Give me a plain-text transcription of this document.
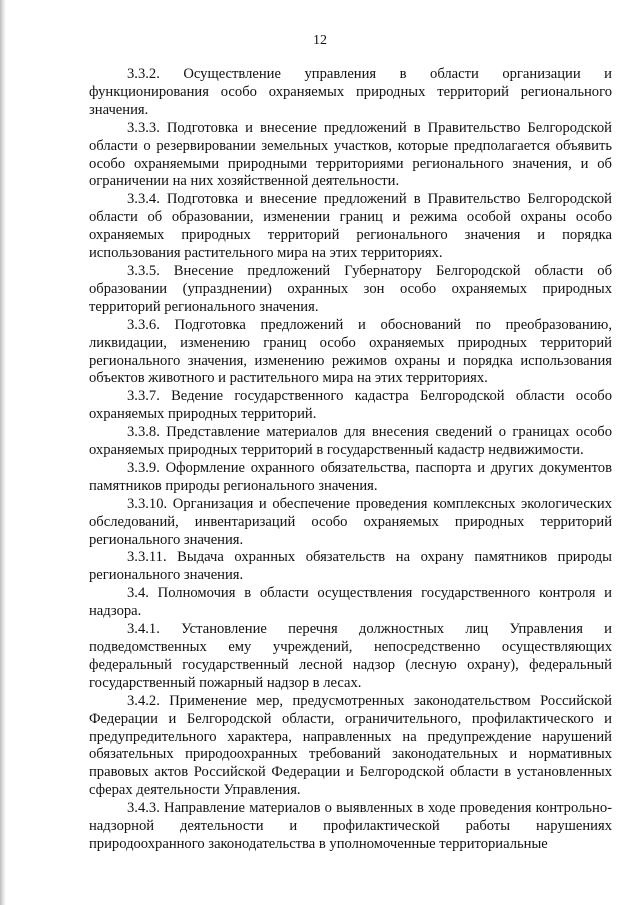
12

3.3.2. Осуществление управления в области организации и функционирования особо охраняемых природных территорий регионального значения.

3.3.3. Подготовка и внесение предложений в Правительство Белгородской области о резервировании земельных участков, которые предполагается объявить особо охраняемыми природными территориями регионального значения, и об ограничении на них хозяйственной деятельности.

3.3.4. Подготовка и внесение предложений в Правительство Белгородской области об образовании, изменении границ и режима особой охраны особо охраняемых природных территорий регионального значения и порядка использования растительного мира на этих территориях.

3.3.5. Внесение предложений Губернатору Белгородской области об образовании (упразднении) охранных зон особо охраняемых природных территорий регионального значения.

3.3.6. Подготовка предложений и обоснований по преобразованию, ликвидации, изменению границ особо охраняемых природных территорий регионального значения, изменению режимов охраны и порядка использования объектов животного и растительного мира на этих территориях.

3.3.7. Ведение государственного кадастра Белгородской области особо охраняемых природных территорий.

3.3.8. Представление материалов для внесения сведений о границах особо охраняемых природных территорий в государственный кадастр недвижимости.

3.3.9. Оформление охранного обязательства, паспорта и других документов памятников природы регионального значения.

3.3.10. Организация и обеспечение проведения комплексных экологических обследований, инвентаризаций особо охраняемых природных территорий регионального значения.

3.3.11. Выдача охранных обязательств на охрану памятников природы регионального значения.

3.4. Полномочия в области осуществления государственного контроля и надзора.

3.4.1. Установление перечня должностных лиц Управления и подведомственных ему учреждений, непосредственно осуществляющих федеральный государственный лесной надзор (лесную охрану), федеральный государственный пожарный надзор в лесах.

3.4.2. Применение мер, предусмотренных законодательством Российской Федерации и Белгородской области, ограничительного, профилактического и предупредительного характера, направленных на предупреждение нарушений обязательных природоохранных требований законодательных и нормативных правовых актов Российской Федерации и Белгородской области в установленных сферах деятельности Управления.

3.4.3. Направление материалов о выявленных в ходе проведения контрольно-надзорной деятельности и профилактической работы нарушениях природоохранного законодательства в уполномоченные территориальные
